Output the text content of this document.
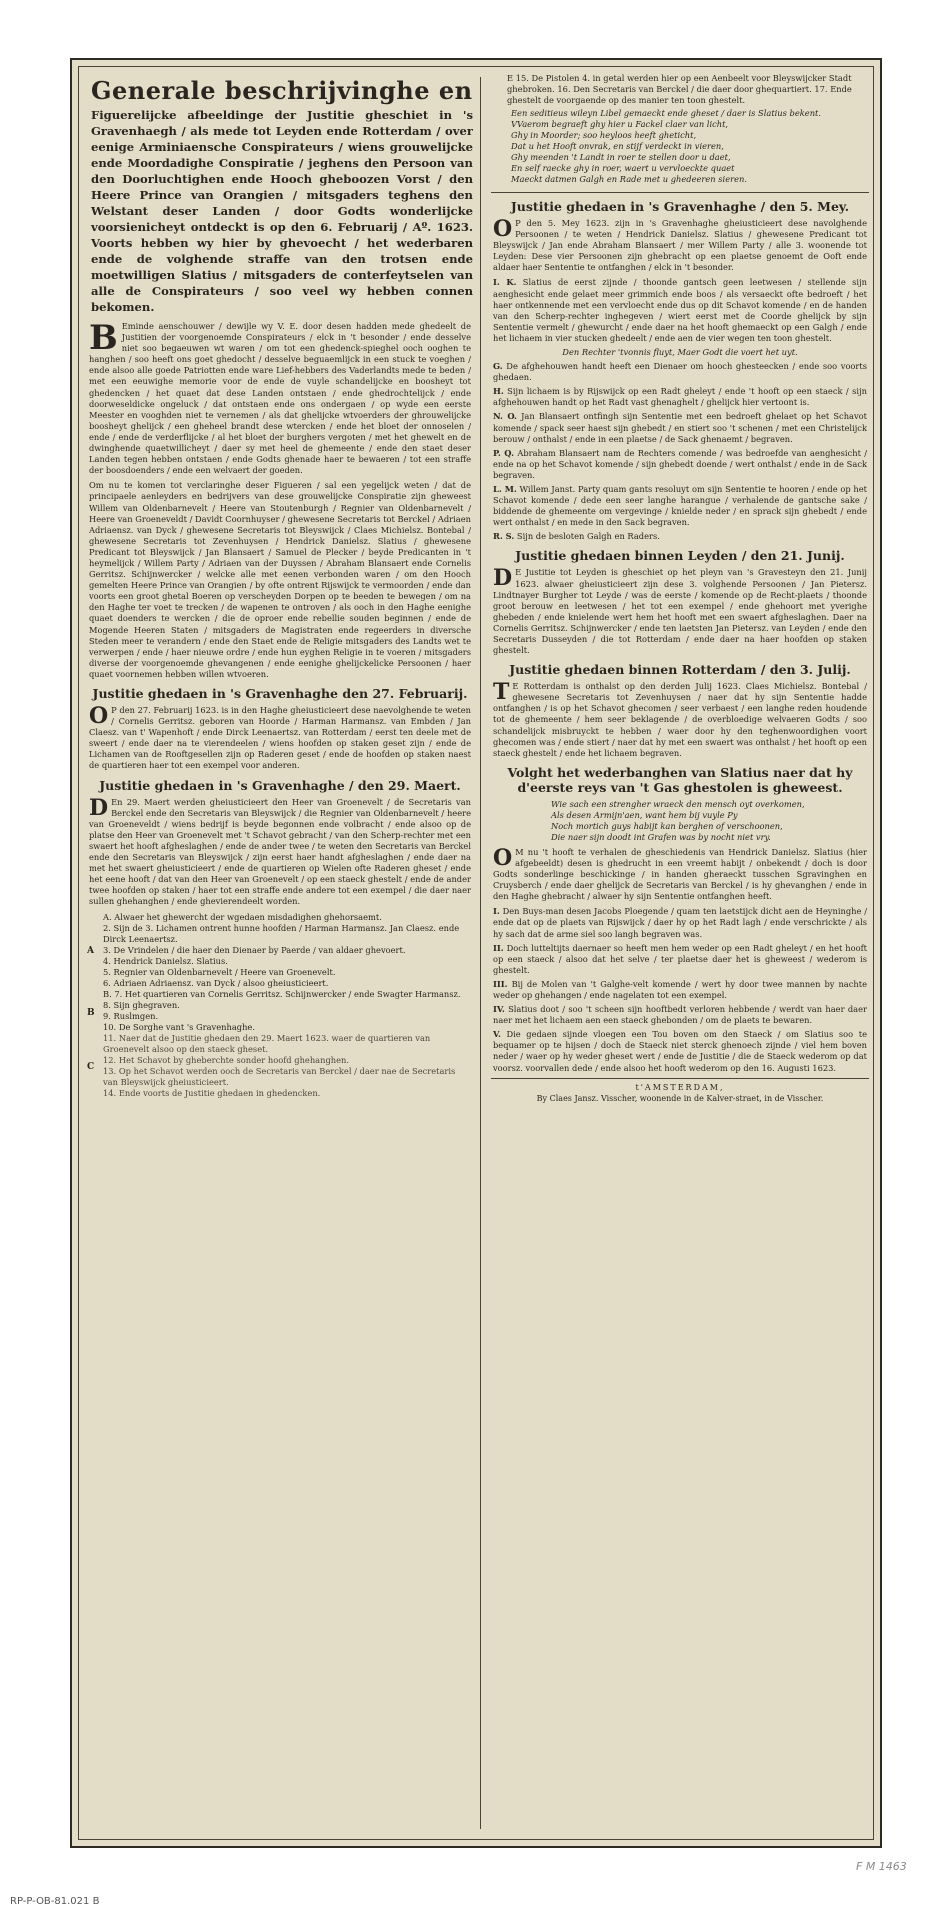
Generale beschrijvinghe en
Figuerelijcke afbeeldinge der Justitie gheschiet in 's Gravenhaegh / als mede tot Leyden ende Rotterdam / over eenige Arminiaensche Conspirateurs / wiens grouwelijcke ende Moordadighe Conspiratie / jeghens den Persoon van den Doorluchtighen ende Hooch gheboozen Vorst / den Heere Prince van Orangien / mitsgaders teghens den Welstant deser Landen / door Godts wonderlijcke voorsienicheyt ontdeckt is op den 6. Februarij / Aº. 1623. Voorts hebben wy hier by ghevoecht / het wederbaren ende de volghende straffe van den trotsen ende moetwilligen Slatius / mitsgaders de conterfeytselen van alle de Conspirateurs / soo veel wy hebben connen bekomen.
B Eminde aenschouwer / dewijle wy V. E. door desen hadden mede ghedeelt de Justitien der voorgenoemde Conspirateurs / elck in 't besonder / ende desselve niet soo begaeuwen wt waren / om tot een ghedenck-spieghel ooch ooghen te hanghen / soo heeft ons goet ghedocht / desselve beguaemlijck in een stuck te voeghen / ende alsoo alle goede Patriotten ende ware Lief-hebbers des Vaderlandts mede te beden / met een eeuwighe memorie voor de ende de vuyle schandelijcke en boosheyt tot ghedencken / het quaet dat dese Landen ontstaen / ende ghedrochtelijck / ende doorweseldicke ongeluck / dat ontstaen ende ons ondergaen / op wyde een eerste Meester en vooghden niet te vernemen / als dat ghelijcke wtvoerders der ghrouwelijcke boosheyt ghelijck / een gheheel brandt dese wtercken / ende het bloet der onnoselen / ende / ende de verderflijcke / al het bloet der burghers vergoten / met het ghewelt en de dwinghende quaetwillicheyt / daer sy met heel de ghemeente / ende den staet deser Landen tegen hebben ontstaen / ende Godts ghenade haer te bewaeren / tot een straffe der boosdoenders / ende een welvaert der goeden.
Om nu te komen tot verclaringhe deser Figueren / sal een yegelijck weten / dat de principaele aenleyders en bedrijvers van dese grouwelijcke Conspiratie zijn gheweest Willem van Oldenbarnevelt / Heere van Stoutenburgh / Regnier van Oldenbarnevelt / Heere van Groeneveldt / Davidt Coornhuyser / ghewesene Secretaris tot Berckel / Adriaen Adriaensz. van Dyck / ghewesene Secretaris tot Bleyswijck / Claes Michielsz. Bontebal / ghewesene Secretaris tot Zevenhuysen / Hendrick Danielsz. Slatius / ghewesene Predicant tot Bleyswijck / Jan Blansaert / Samuel de Plecker / beyde Predicanten in 't heymelijck / Willem Party / Adriaen van der Duyssen / Abraham Blansaert ende Cornelis Gerritsz. Schijnwercker / welcke alle met eenen verbonden waren / om den Hooch gemelten Heere Prince van Orangien / by ofte ontrent Rijswijck te vermoorden / ende dan voorts een groot ghetal Boeren op verscheyden Dorpen op te beeden te bewegen / om na den Haghe ter voet te trecken / de wapenen te ontroven / als ooch in den Haghe eenighe quaet doenders te wercken / die de oproer ende rebellie souden beginnen / ende de Mogende Heeren Staten / mitsgaders de Magistraten ende regeerders in diversche Steden meer te verandern / ende den Staet ende de Religie mitsgaders des Landts wet te verwerpen / ende / haer nieuwe ordre / ende hun eyghen Religie in te voeren / mitsgaders diverse der voorgenoemde ghevangenen / ende eenighe ghelijckelicke Persoonen / haer quaet voornemen hebben willen wtvoeren.
Justitie ghedaen in 's Gravenhaghe den 27. Februarij.
O P den 27. Februarij 1623. is in den Haghe gheiusticieert dese naevolghende te weten / Cornelis Gerritsz. geboren van Hoorde / Harman Harmansz. van Embden / Jan Claesz. van t' Wapenhoft / ende Dirck Leenaertsz. van Rotterdam / eerst ten deele met de sweert / ende daer na te vierendeelen / wiens hoofden op staken geset zijn / ende de Lichamen van de Rooftgesellen zijn op Raderen geset / ende de hoofden op staken naest de quartieren haer tot een exempel voor anderen.
Justitie ghedaen in 's Gravenhaghe / den 29. Maert.
D En 29. Maert werden gheiusticieert den Heer van Groenevelt / de Secretaris van Berckel ende den Secretaris van Bleyswijck / die Regnier van Oldenbarnevelt / heere van Groeneveldt / wiens bedrijf is beyde begonnen ende volbracht / ende alsoo op de platse den Heer van Groenevelt met 't Schavot gebracht / van den Scherp-rechter met een swaert het hooft afgheslaghen / ende de ander twee / te weten den Secretaris van Berckel ende den Secretaris van Bleyswijck / zijn eerst haer handt afgheslaghen / ende daer na met het swaert gheiusticieert / ende de quartieren op Wielen ofte Raderen gheset / ende het eene hooft / dat van den Heer van Groenevelt / op een staeck ghestelt / ende de ander twee hoofden op staken / haer tot een straffe ende andere tot een exempel / die daer naer sullen ghehanghen / ende ghevierendeelt worden.
A
B
C
A. Alwaer het ghewercht der wgedaen misdadighen ghehorsaemt.
2. Sijn de 3. Lichamen ontrent hunne hoofden / Harman Harmansz. Jan Claesz. ende Dirck Leenaertsz.
3. De Vrindelen / die haer den Dienaer by Paerde / van aldaer ghevoert.
4. Hendrick Danielsz. Slatius.
5. Regnier van Oldenbarnevelt / Heere van Groenevelt.
6. Adriaen Adriaensz. van Dyck / alsoo gheiusticieert.
B. 7. Het quartieren van Cornelis Gerritsz. Schijnwercker / ende Swagter Harmansz.
8. Sijn ghegraven.
9. Ruslmgen.
10. De Sorghe vant 's Gravenhaghe.
11. Naer dat de Justitie ghedaen den 29. Maert 1623. waer de quartieren van Groenevelt alsoo op den staeck gheset.
12. Het Schavot by gheberchte sonder hoofd ghehanghen.
13. Op het Schavot werden ooch de Secretaris van Berckel / daer nae de Secretaris van Bleyswijck gheiusticieert.
14. Ende voorts de Justitie ghedaen in ghedencken.
E 15. De Pistolen 4. in getal werden hier op een Aenbeelt voor Bleyswijcker Stadt ghebroken. 16. Den Secretaris van Berckel / die daer door ghequartiert. 17. Ende ghestelt de voorgaende op des manier ten toon ghestelt.
Een seditieus wileyn Libel gemaeckt ende gheset / daer is Slatius bekent.
VVaerom begraeft ghy hier u Fackel claer van licht,
Ghy in Moorder; soo heyloos heeft gheticht,
Dat u het Hooft onvrak, en stijf verdeckt in vieren,
Ghy meenden 't Landt in roer te stellen door u daet,
En self raecke ghy in roer, waert u vervloeckte quaet
Maeckt datmen Galgh en Rade met u ghedeeren sieren.
Justitie ghedaen in 's Gravenhaghe / den 5. Mey.
O P den 5. Mey 1623. zijn in 's Gravenhaghe gheiusticieert dese navolghende Persoonen / te weten / Hendrick Danielsz. Slatius / ghewesene Predicant tot Bleyswijck / Jan ende Abraham Blansaert / mer Willem Party / alle 3. woonende tot Leyden: Dese vier Persoonen zijn ghebracht op een plaetse genoemt de Ooft ende aldaer haer Sententie te ontfanghen / elck in 't besonder.
I. K. Slatius de eerst zijnde / thoonde gantsch geen leetwesen / stellende sijn aenghesicht ende gelaet meer grimmich ende boos / als versaeckt ofte bedroeft / het haer ontkennende met een vervloecht ende dus op dit Schavot komende / en de handen van den Scherp-rechter inghegeven / wiert eerst met de Coorde ghelijck by sijn Sententie vermelt / ghewurcht / ende daer na het hooft ghemaeckt op een Galgh / ende het lichaem in vier stucken ghedeelt / ende aen de vier wegen ten toon ghestelt.
Den Rechter 'tvonnis fluyt, Maer Godt die voert het uyt.
G. De afghehouwen handt heeft een Dienaer om hooch ghesteecken / ende soo voorts ghedaen.
H. Sijn lichaem is by Rijswijck op een Radt gheleyt / ende 't hooft op een staeck / sijn afghehouwen handt op het Radt vast ghenaghelt / ghelijck hier vertoont is.
N. O. Jan Blansaert ontfingh sijn Sententie met een bedroeft ghelaet op het Schavot komende / spack seer haest sijn ghebedt / en stiert soo 't schenen / met een Christelijck berouw / onthalst / ende in een plaetse / de Sack ghenaemt / begraven.
P. Q. Abraham Blansaert nam de Rechters comende / was bedroefde van aenghesicht / ende na op het Schavot komende / sijn ghebedt doende / wert onthalst / ende in de Sack begraven.
L. M. Willem Janst. Party quam gants resoluyt om sijn Sententie te hooren / ende op het Schavot komende / dede een seer langhe harangue / verhalende de gantsche sake / biddende de ghemeente om vergevinge / knielde neder / en sprack sijn ghebedt / ende wert onthalst / en mede in den Sack begraven.
R. S. Sijn de besloten Galgh en Raders.
Justitie ghedaen binnen Leyden / den 21. Junij.
D E Justitie tot Leyden is gheschiet op het pleyn van 's Gravesteyn den 21. Junij 1623. alwaer gheiusticieert zijn dese 3. volghende Persoonen / Jan Pietersz. Lindtnayer Burgher tot Leyde / was de eerste / komende op de Recht-plaets / thoonde groot berouw en leetwesen / het tot een exempel / ende ghehoort met yverighe ghebeden / ende knielende wert hem het hooft met een swaert afgheslaghen. Daer na Cornelis Gerritsz. Schijnwercker / ende ten laetsten Jan Pietersz. van Leyden / ende den Secretaris Dusseyden / die tot Rotterdam / ende daer na haer hoofden op staken ghestelt.
Justitie ghedaen binnen Rotterdam / den 3. Julij.
T E Rotterdam is onthalst op den derden Julij 1623. Claes Michielsz. Bontebal / ghewesene Secretaris tot Zevenhuysen / naer dat hy sijn Sententie hadde ontfanghen / is op het Schavot ghecomen / seer verbaest / een langhe reden houdende tot de ghemeente / hem seer beklagende / de overbloedige welvaeren Godts / soo schandelijck misbruyckt te hebben / waer door hy den teghenwoordighen voort ghecomen was / ende stiert / naer dat hy met een swaert was onthalst / het hooft op een staeck ghestelt / ende het lichaem begraven.
Volght het wederbanghen van Slatius naer dat hy d'eerste reys van 't Gas ghestolen is gheweest.
Wie sach een strengher wraeck den mensch oyt overkomen,
Als desen Armijn'aen, want hem bij vuyle Py
Noch mortich guys habijt kan berghen of verschoonen,
Die naer sijn doodt int Grafen was by nocht niet vry.
O M nu 't hooft te verhalen de gheschiedenis van Hendrick Danielsz. Slatius (hier afgebeeldt) desen is ghedrucht in een vreemt habijt / onbekendt / doch is door Godts sonderlinge beschickinge / in handen gheraeckt tusschen Sgravinghen en Cruysberch / ende daer ghelijck de Secretaris van Berckel / is hy ghevanghen / ende in den Haghe ghebracht / alwaer hy sijn Sententie ontfanghen heeft.
I. Den Buys-man desen Jacobs Ploegende / quam ten laetstijck dicht aen de Heyninghe / ende dat op de plaets van Rijswijck / daer hy op het Radt lagh / ende verschrickte / als hy sach dat de arme siel soo langh begraven was.
II. Doch lutteltijts daernaer so heeft men hem weder op een Radt gheleyt / en het hooft op een staeck / alsoo dat het selve / ter plaetse daer het is gheweest / wederom is ghestelt.
III. Bij de Molen van 't Galghe-velt komende / wert hy door twee mannen by nachte weder op ghehangen / ende nagelaten tot een exempel.
IV. Slatius doot / soo 't scheen sijn hooftbedt verloren hebbende / werdt van haer daer naer met het lichaem aen een staeck ghebonden / om de plaets te bewaren.
V. Die gedaen sijnde vloegen een Tou boven om den Staeck / om Slatius soo te bequamer op te hijsen / doch de Staeck niet sterck ghenoech zijnde / viel hem boven neder / waer op hy weder gheset wert / ende de Justitie / die de Staeck wederom op dat voorsz. voorvallen dede / ende alsoo het hooft wederom op den 16. Augusti 1623.
t'AMSTERDAM,
By Claes Jansz. Visscher, woonende in de Kalver-straet, in de Visscher.
RP-P-OB-81.021 B
F M 1463
